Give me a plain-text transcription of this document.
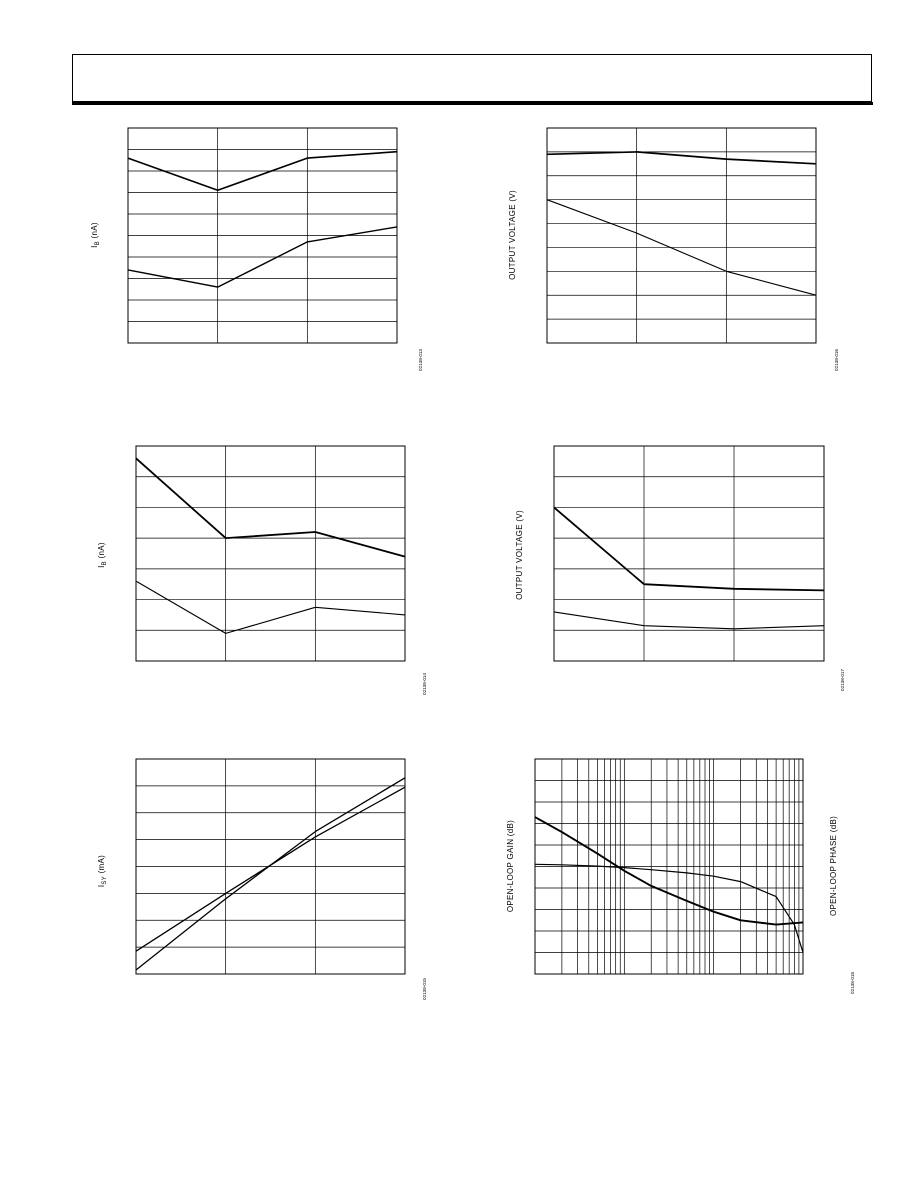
$I_B$ (nA)
02138-013
OUTPUT VOLTAGE (V)
02138-016
$I_B$ (nA)
02138-014
OUTPUT VOLTAGE (V)
02138-017
$I_{SY}$ (mA)
02138-015
OPEN-LOOP GAIN (dB)	OPEN-LOOP PHASE (dB)
02138-018
